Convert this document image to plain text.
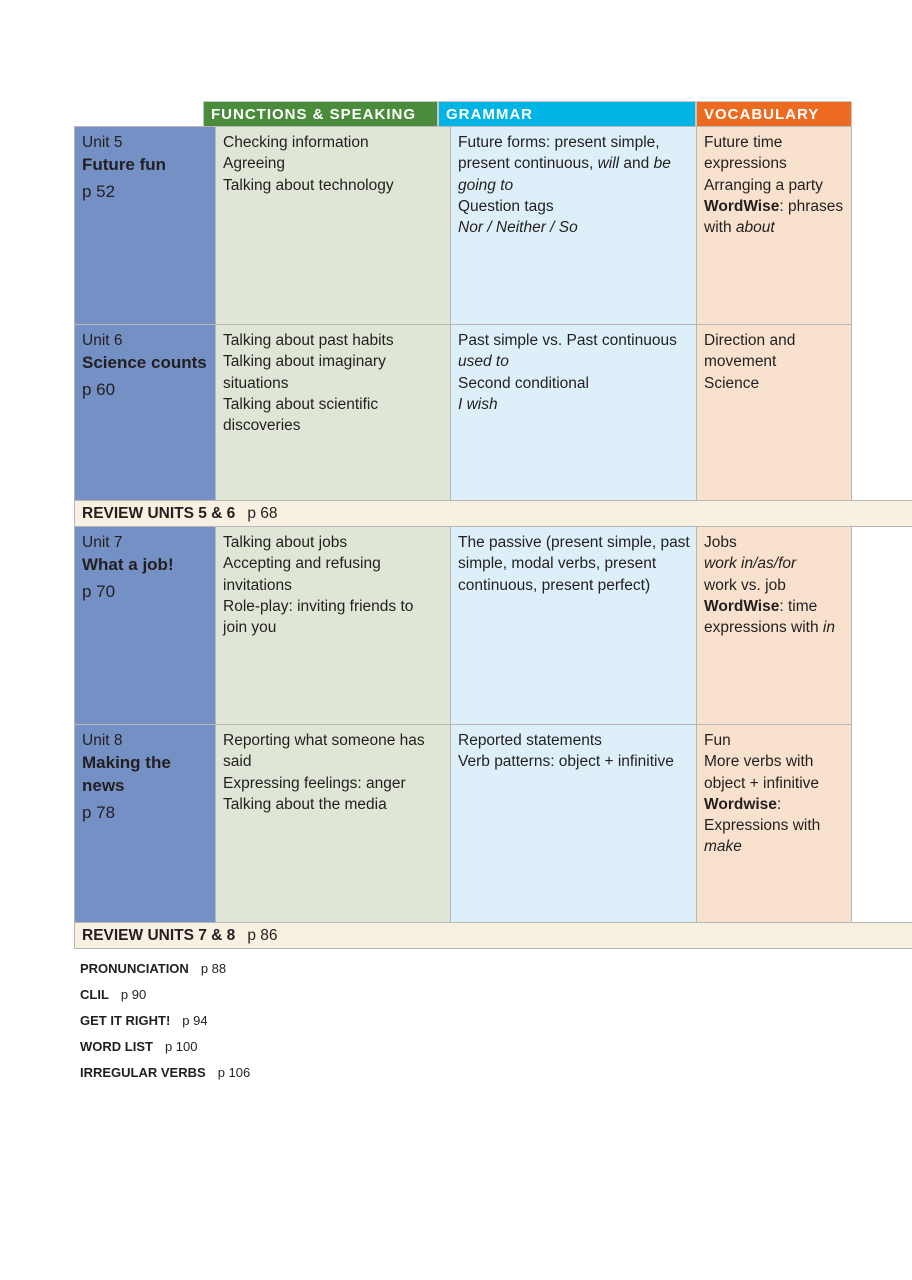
FUNCTIONS & SPEAKING	GRAMMAR	VOCABULARY
Unit 5
Future fun
p 52
Checking information
Agreeing
Talking about technology
Future forms: present simple,
present continuous, will and be
going to
Question tags
Nor / Neither / So
Future time
expressions
Arranging a party
WordWise: phrases
with about
Unit 6
Science counts
p 60
Talking about past habits
Talking about imaginary
situations
Talking about scientific
discoveries
Past simple vs. Past continuous
used to
Second conditional
I wish
Direction and
movement
Science
REVIEW UNITS 5 & 6 p 68
Unit 7
What a job!
p 70
Talking about jobs
Accepting and refusing
invitations
Role-play: inviting friends to
join you
The passive (present simple, past
simple, modal verbs, present
continuous, present perfect)
Jobs
work in/as/for
work vs. job
WordWise: time
expressions with in
Unit 8
Making the
news
p 78
Reporting what someone has
said
Expressing feelings: anger
Talking about the media
Reported statements
Verb patterns: object + infinitive
Fun
More verbs with
object + infinitive
Wordwise:
Expressions with
make
REVIEW UNITS 7 & 8 p 86
PRONUNCIATION p 88
CLIL p 90
GET IT RIGHT! p 94
WORD LIST p 100
IRREGULAR VERBS p 106
